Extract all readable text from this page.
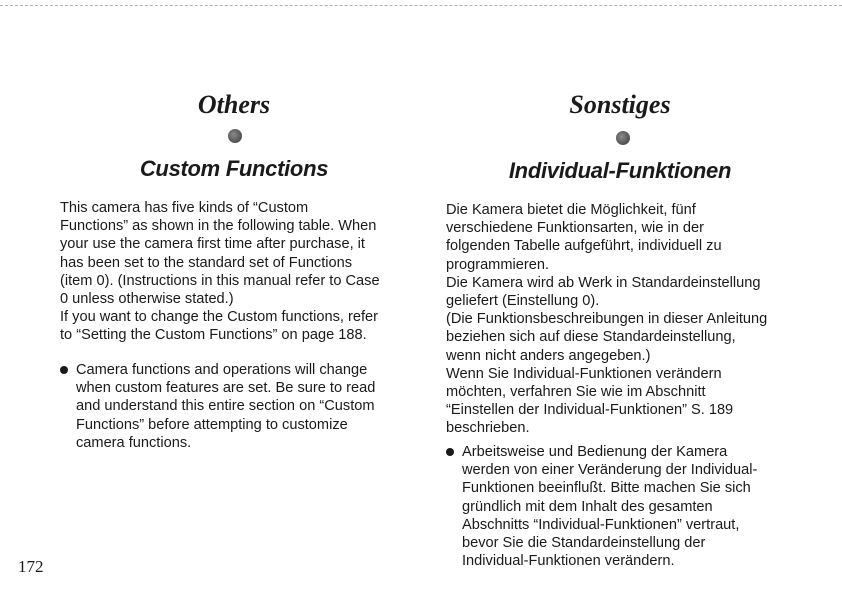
Others
Custom Functions

This camera has five kinds of “Custom
Functions” as shown in the following table. When
your use the camera first time after purchase, it
has been set to the standard set of Functions
(item 0). (Instructions in this manual refer to Case
0 unless otherwise stated.)
If you want to change the Custom functions, refer
to “Setting the Custom Functions” on page 188.

Camera functions and operations will change
when custom features are set. Be sure to read
and understand this entire section on “Custom
Functions” before attempting to customize
camera functions.

Sonstiges
Individual-Funktionen

Die Kamera bietet die Möglichkeit, fünf
verschiedene Funktionsarten, wie in der
folgenden Tabelle aufgeführt, individuell zu
programmieren.
Die Kamera wird ab Werk in Standardeinstellung
geliefert (Einstellung 0).
(Die Funktionsbeschreibungen in dieser Anleitung
beziehen sich auf diese Standardeinstellung,
wenn nicht anders angegeben.)
Wenn Sie Individual-Funktionen verändern
möchten, verfahren Sie wie im Abschnitt
“Einstellen der Individual-Funktionen” S. 189
beschrieben.

Arbeitsweise und Bedienung der Kamera
werden von einer Veränderung der Individual-
Funktionen beeinflußt. Bitte machen Sie sich
gründlich mit dem Inhalt des gesamten
Abschnitts “Individual-Funktionen” vertraut,
bevor Sie die Standardeinstellung der
Individual-Funktionen verändern.

172
